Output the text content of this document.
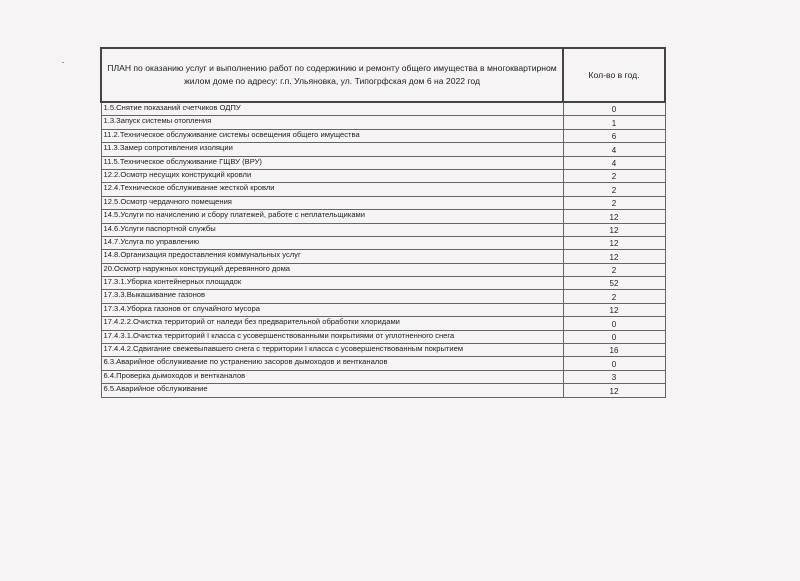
ПЛАН по оказанию услуг и выполнению работ по содержинию и ремонту общего имущества в многоквартирном жилом доме по адресу: г.п. Ульяновка, ул. Типогрфская дом 6 на 2022 год	Кол-во в год.
1.5.Снятие показаний счетчиков ОДПУ	0
1.3.Запуск системы отопления	1
11.2.Техническое обслуживание системы освещения общего имущества	6
11.3.Замер сопротивления изоляции	4
11.5.Техническое обслуживание ГЩВУ (ВРУ)	4
12.2.Осмотр несущих конструкций кровли	2
12.4.Техническое обслуживание жесткой кровли	2
12.5.Осмотр чердачного помещения	2
14.5.Услуги по начислению и сбору платежей, работе с неплательщиками	12
14.6.Услуги паспортной службы	12
14.7.Услуга по управлению	12
14.8.Организация предоставления коммунальных услуг	12
20.Осмотр наружных конструкций деревянного дома	2
17.3.1.Уборка контейнерных площадок	52
17.3.3.Выкашивание газонов	2
17.3.4.Уборка газонов от случайного мусора	12
17.4.2.2.Очистка территорий от наледи без предварительной обработки хлоридами	0
17.4.3.1.Очистка территорий I класса с усовершенствованными покрытиями от уплотненного снега	0
17.4.4.2.Сдвигание свежевыпавшего снега с территории I класса с усовершенствованным покрытием	16
6.3.Аварийное обслуживание по устранению засоров дымоходов и вентканалов	0
6.4.Проверка дымоходов и вентканалов	3
6.5.Аварийное обслуживание	12
